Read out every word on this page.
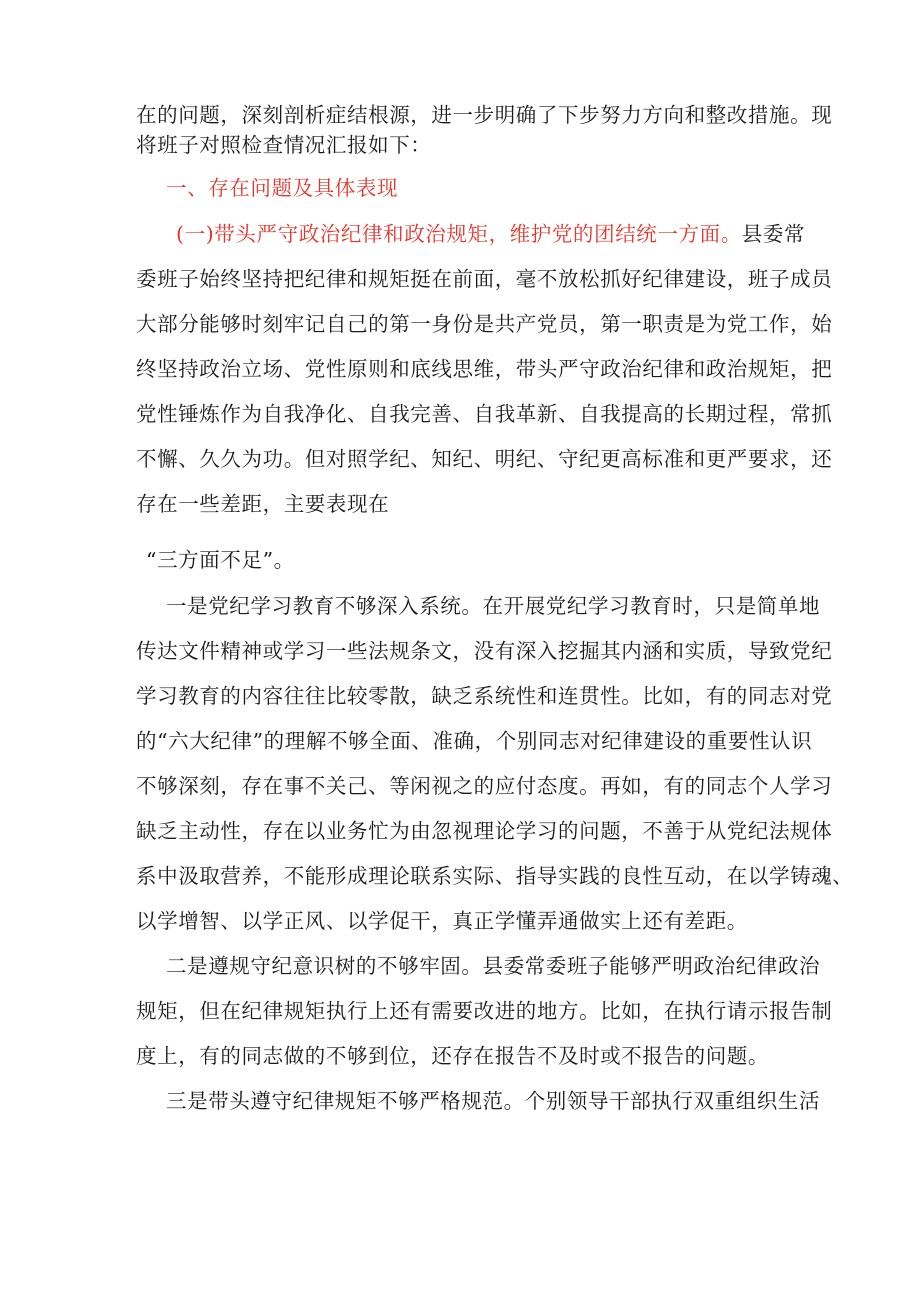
在的问题，深刻剖析症结根源，进一步明确了下步努力方向和整改措施。现
将班子对照检查情况汇报如下：
一、存在问题及具体表现
(一)带头严守政治纪律和政治规矩，维护党的团结统一方面。县委常
委班子始终坚持把纪律和规矩挺在前面，毫不放松抓好纪律建设，班子成员
大部分能够时刻牢记自己的第一身份是共产党员，第一职责是为党工作，始
终坚持政治立场、党性原则和底线思维，带头严守政治纪律和政治规矩，把
党性锤炼作为自我净化、自我完善、自我革新、自我提高的长期过程，常抓
不懈、久久为功。但对照学纪、知纪、明纪、守纪更高标准和更严要求，还
存在一些差距，主要表现在
“三方面不足”。
一是党纪学习教育不够深入系统。在开展党纪学习教育时，只是简单地
传达文件精神或学习一些法规条文，没有深入挖掘其内涵和实质，导致党纪
学习教育的内容往往比较零散，缺乏系统性和连贯性。比如，有的同志对党
的“六大纪律”的理解不够全面、准确，个别同志对纪律建设的重要性认识
不够深刻，存在事不关己、等闲视之的应付态度。再如，有的同志个人学习
缺乏主动性，存在以业务忙为由忽视理论学习的问题，不善于从党纪法规体
系中汲取营养，不能形成理论联系实际、指导实践的良性互动，在以学铸魂、
以学增智、以学正风、以学促干，真正学懂弄通做实上还有差距。
二是遵规守纪意识树的不够牢固。县委常委班子能够严明政治纪律政治
规矩，但在纪律规矩执行上还有需要改进的地方。比如，在执行请示报告制
度上，有的同志做的不够到位，还存在报告不及时或不报告的问题。
三是带头遵守纪律规矩不够严格规范。个别领导干部执行双重组织生活
